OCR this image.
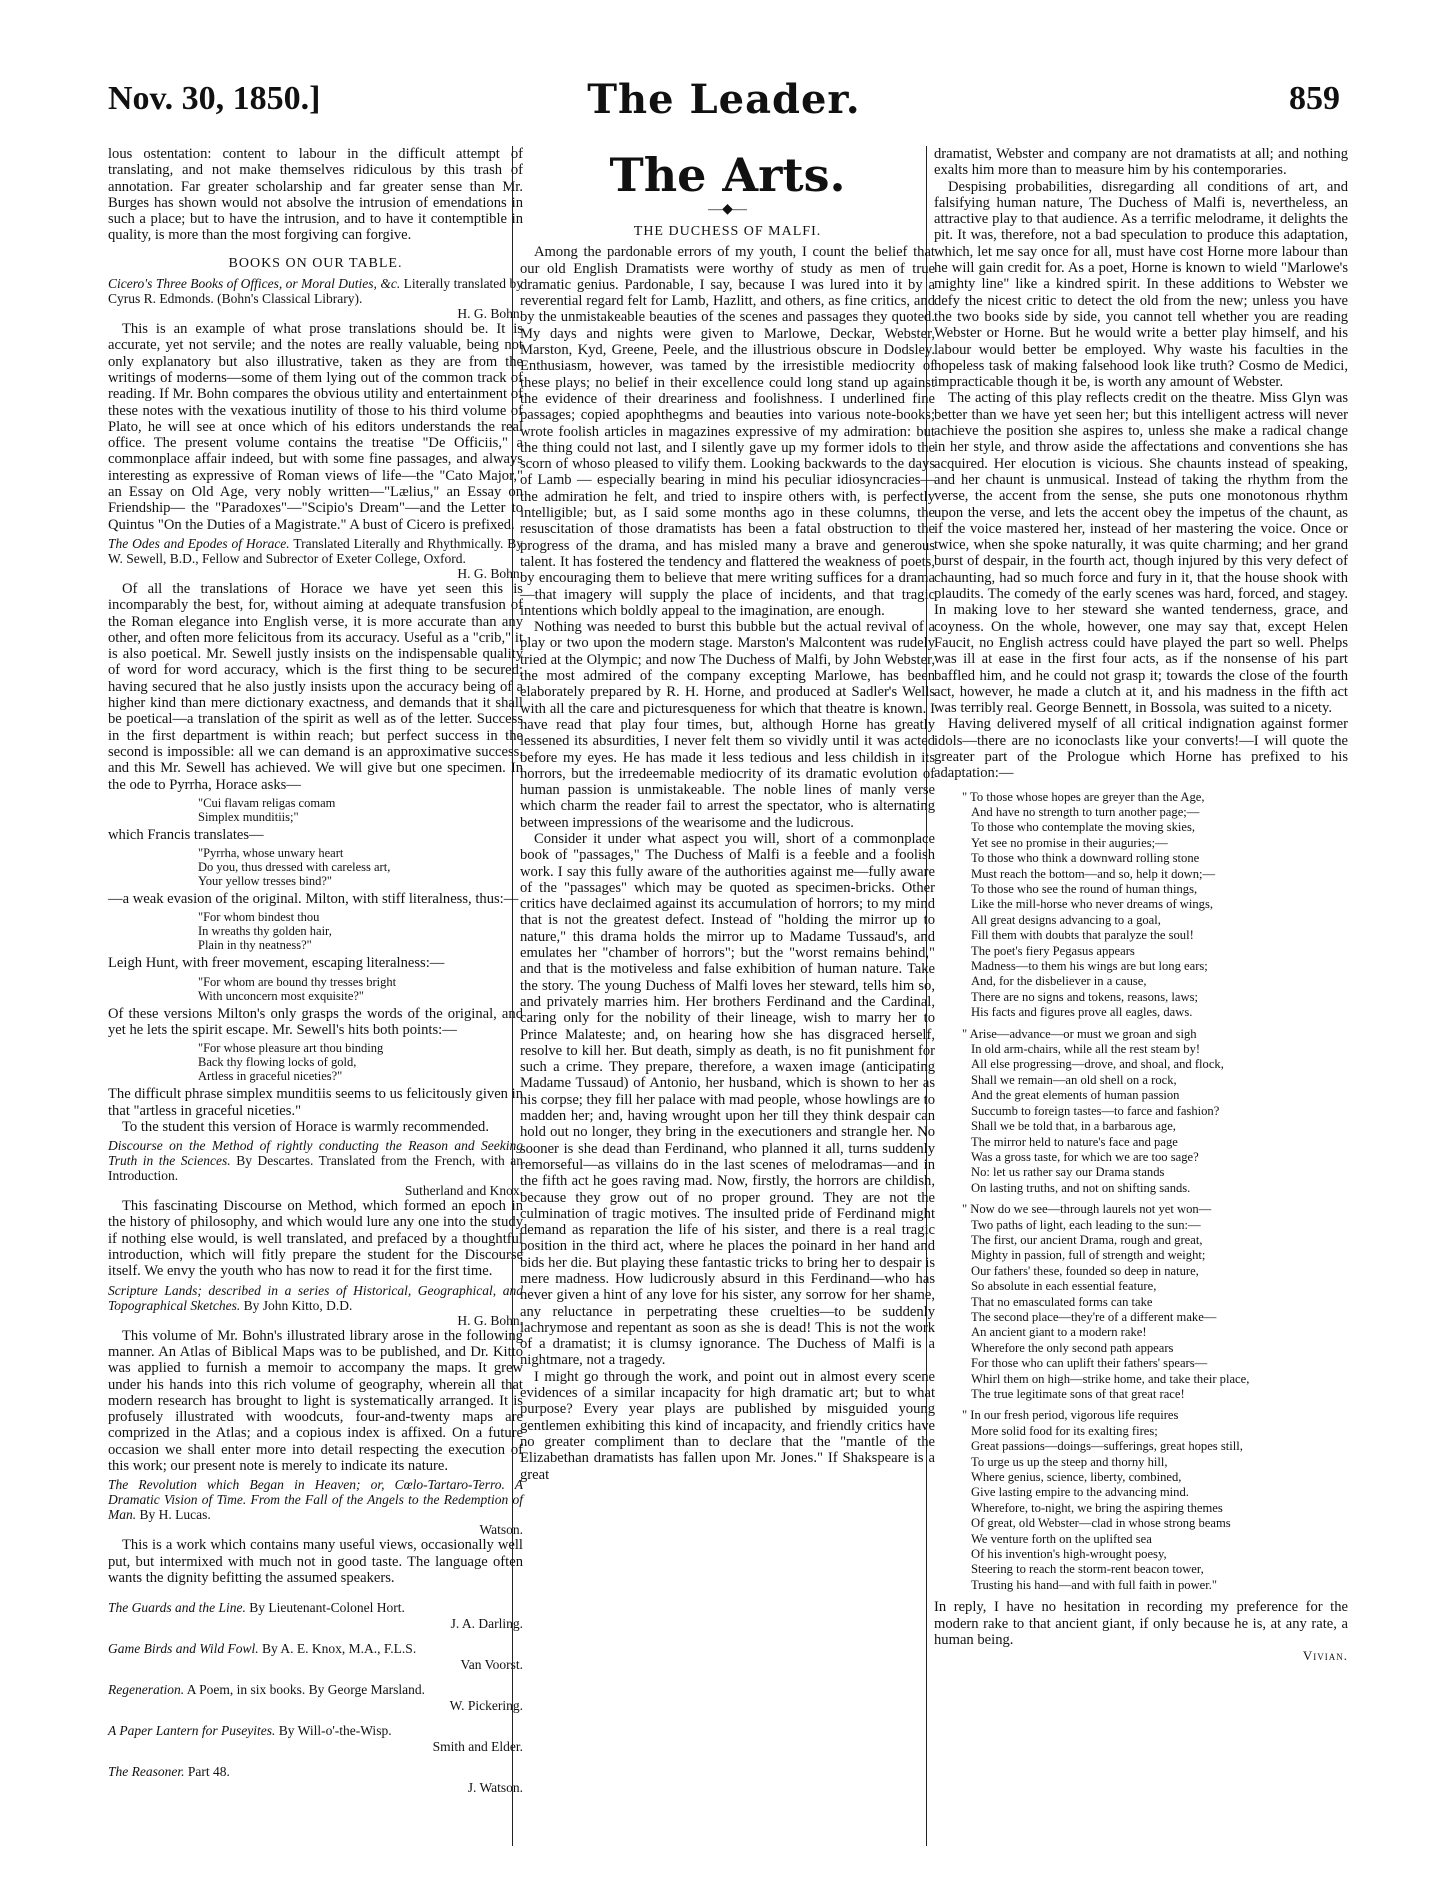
Nov. 30, 1850.]	The Leader.	859

lous ostentation: content to labour in the difficult attempt of translating, and not make themselves ridiculous by this trash of annotation. Far greater scholarship and far greater sense than Mr. Burges has shown would not absolve the intrusion of emendations in such a place; but to have the intrusion, and to have it contemptible in quality, is more than the most forgiving can forgive.

BOOKS ON OUR TABLE.

Cicero's Three Books of Offices, or Moral Duties, &c. Literally translated by Cyrus R. Edmonds. (Bohn's Classical Library).
H. G. Bohn.

This is an example of what prose translations should be. It is accurate, yet not servile; and the notes are really valuable, being not only explanatory but also illustrative, taken as they are from the writings of moderns—some of them lying out of the common track of reading. If Mr. Bohn compares the obvious utility and entertainment of these notes with the vexatious inutility of those to his third volume of Plato, he will see at once which of his editors understands the real office. The present volume contains the treatise "De Officiis," a commonplace affair indeed, but with some fine passages, and always interesting as expressive of Roman views of life—the "Cato Major," an Essay on Old Age, very nobly written—"Lælius," an Essay on Friendship— the "Paradoxes"—"Scipio's Dream"—and the Letter to Quintus "On the Duties of a Magistrate." A bust of Cicero is prefixed.

The Odes and Epodes of Horace. Translated Literally and Rhythmically. By W. Sewell, B.D., Fellow and Subrector of Exeter College, Oxford.
H. G. Bohn.

Of all the translations of Horace we have yet seen this is incomparably the best, for, without aiming at adequate transfusion of the Roman elegance into English verse, it is more accurate than any other, and often more felicitous from its accuracy. Useful as a "crib," it is also poetical. Mr. Sewell justly insists on the indispensable quality of word for word accuracy, which is the first thing to be secured; having secured that he also justly insists upon the accuracy being of a higher kind than mere dictionary exactness, and demands that it shall be poetical—a translation of the spirit as well as of the letter. Success in the first department is within reach; but perfect success in the second is impossible: all we can demand is an approximative success, and this Mr. Sewell has achieved. We will give but one specimen. In the ode to Pyrrha, Horace asks—

"Cui flavam religas comam
Simplex munditiis;"

which Francis translates—

"Pyrrha, whose unwary heart
Do you, thus dressed with careless art,
Your yellow tresses bind?"

—a weak evasion of the original. Milton, with stiff literalness, thus:—

"For whom bindest thou
In wreaths thy golden hair,
Plain in thy neatness?"

Leigh Hunt, with freer movement, escaping literalness:—

"For whom are bound thy tresses bright
With unconcern most exquisite?"

Of these versions Milton's only grasps the words of the original, and yet he lets the spirit escape. Mr. Sewell's hits both points:—

"For whose pleasure art thou binding
Back thy flowing locks of gold,
Artless in graceful niceties?"

The difficult phrase simplex munditiis seems to us felicitously given in that "artless in graceful niceties."

To the student this version of Horace is warmly recommended.

Discourse on the Method of rightly conducting the Reason and Seeking Truth in the Sciences. By Descartes. Translated from the French, with an Introduction.
Sutherland and Knox.

This fascinating Discourse on Method, which formed an epoch in the history of philosophy, and which would lure any one into the study if nothing else would, is well translated, and prefaced by a thoughtful introduction, which will fitly prepare the student for the Discourse itself. We envy the youth who has now to read it for the first time.

Scripture Lands; described in a series of Historical, Geographical, and Topographical Sketches. By John Kitto, D.D.
H. G. Bohn.

This volume of Mr. Bohn's illustrated library arose in the following manner. An Atlas of Biblical Maps was to be published, and Dr. Kitto was applied to furnish a memoir to accompany the maps. It grew under his hands into this rich volume of geography, wherein all that modern research has brought to light is systematically arranged. It is profusely illustrated with woodcuts, four-and-twenty maps are comprized in the Atlas; and a copious index is affixed. On a future occasion we shall enter more into detail respecting the execution of this work; our present note is merely to indicate its nature.

The Revolution which Began in Heaven; or, Cœlo-Tartaro-Terro. A Dramatic Vision of Time. From the Fall of the Angels to the Redemption of Man. By H. Lucas.
Watson.

This is a work which contains many useful views, occasionally well put, but intermixed with much not in good taste. The language often wants the dignity befitting the assumed speakers.

The Guards and the Line. By Lieutenant-Colonel Hort.
J. A. Darling.

Game Birds and Wild Fowl. By A. E. Knox, M.A., F.L.S.
Van Voorst.

Regeneration. A Poem, in six books. By George Marsland.
W. Pickering.

A Paper Lantern for Puseyites. By Will-o'-the-Wisp.
Smith and Elder.

The Reasoner. Part 48.
J. Watson.

The Arts.
—◆—
THE DUCHESS OF MALFI.

Among the pardonable errors of my youth, I count the belief that our old English Dramatists were worthy of study as men of true dramatic genius. Pardonable, I say, because I was lured into it by a reverential regard felt for Lamb, Hazlitt, and others, as fine critics, and by the unmistakeable beauties of the scenes and passages they quoted. My days and nights were given to Marlowe, Deckar, Webster, Marston, Kyd, Greene, Peele, and the illustrious obscure in Dodsley. Enthusiasm, however, was tamed by the irresistible mediocrity of these plays; no belief in their excellence could long stand up against the evidence of their dreariness and foolishness. I underlined fine passages; copied apophthegms and beauties into various note-books; wrote foolish articles in magazines expressive of my admiration: but the thing could not last, and I silently gave up my former idols to the scorn of whoso pleased to vilify them. Looking backwards to the days of Lamb — especially bearing in mind his peculiar idiosyncracies—the admiration he felt, and tried to inspire others with, is perfectly intelligible; but, as I said some months ago in these columns, the resuscitation of those dramatists has been a fatal obstruction to the progress of the drama, and has misled many a brave and generous talent. It has fostered the tendency and flattered the weakness of poets, by encouraging them to believe that mere writing suffices for a drama—that imagery will supply the place of incidents, and that tragic intentions which boldly appeal to the imagination, are enough.

Nothing was needed to burst this bubble but the actual revival of a play or two upon the modern stage. Marston's Malcontent was rudely tried at the Olympic; and now The Duchess of Malfi, by John Webster, the most admired of the company excepting Marlowe, has been elaborately prepared by R. H. Horne, and produced at Sadler's Wells with all the care and picturesqueness for which that theatre is known. I have read that play four times, but, although Horne has greatly lessened its absurdities, I never felt them so vividly until it was acted before my eyes. He has made it less tedious and less childish in its horrors, but the irredeemable mediocrity of its dramatic evolution of human passion is unmistakeable. The noble lines of manly verse which charm the reader fail to arrest the spectator, who is alternating between impressions of the wearisome and the ludicrous.

Consider it under what aspect you will, short of a commonplace book of "passages," The Duchess of Malfi is a feeble and a foolish work. I say this fully aware of the authorities against me—fully aware of the "passages" which may be quoted as specimen-bricks. Other critics have declaimed against its accumulation of horrors; to my mind that is not the greatest defect. Instead of "holding the mirror up to nature," this drama holds the mirror up to Madame Tussaud's, and emulates her "chamber of horrors"; but the "worst remains behind," and that is the motiveless and false exhibition of human nature. Take the story. The young Duchess of Malfi loves her steward, tells him so, and privately marries him. Her brothers Ferdinand and the Cardinal, caring only for the nobility of their lineage, wish to marry her to Prince Malateste; and, on hearing how she has disgraced herself, resolve to kill her. But death, simply as death, is no fit punishment for such a crime. They prepare, therefore, a waxen image (anticipating Madame Tussaud) of Antonio, her husband, which is shown to her as his corpse; they fill her palace with mad people, whose howlings are to madden her; and, having wrought upon her till they think despair can hold out no longer, they bring in the executioners and strangle her. No sooner is she dead than Ferdinand, who planned it all, turns suddenly remorseful—as villains do in the last scenes of melodramas—and in the fifth act he goes raving mad. Now, firstly, the horrors are childish, because they grow out of no proper ground. They are not the culmination of tragic motives. The insulted pride of Ferdinand might demand as reparation the life of his sister, and there is a real tragic position in the third act, where he places the poinard in her hand and bids her die. But playing these fantastic tricks to bring her to despair is mere madness. How ludicrously absurd in this Ferdinand—who has never given a hint of any love for his sister, any sorrow for her shame, any reluctance in perpetrating these cruelties—to be suddenly lachrymose and repentant as soon as she is dead! This is not the work of a dramatist; it is clumsy ignorance. The Duchess of Malfi is a nightmare, not a tragedy.

I might go through the work, and point out in almost every scene evidences of a similar incapacity for high dramatic art; but to what purpose? Every year plays are published by misguided young gentlemen exhibiting this kind of incapacity, and friendly critics have no greater compliment than to declare that the "mantle of the Elizabethan dramatists has fallen upon Mr. Jones." If Shakspeare is a great

dramatist, Webster and company are not dramatists at all; and nothing exalts him more than to measure him by his contemporaries.

Despising probabilities, disregarding all conditions of art, and falsifying human nature, The Duchess of Malfi is, nevertheless, an attractive play to that audience. As a terrific melodrame, it delights the pit. It was, therefore, not a bad speculation to produce this adaptation, which, let me say once for all, must have cost Horne more labour than he will gain credit for. As a poet, Horne is known to wield "Marlowe's mighty line" like a kindred spirit. In these additions to Webster we defy the nicest critic to detect the old from the new; unless you have the two books side by side, you cannot tell whether you are reading Webster or Horne. But he would write a better play himself, and his labour would better be employed. Why waste his faculties in the hopeless task of making falsehood look like truth? Cosmo de Medici, impracticable though it be, is worth any amount of Webster.

The acting of this play reflects credit on the theatre. Miss Glyn was better than we have yet seen her; but this intelligent actress will never achieve the position she aspires to, unless she make a radical change in her style, and throw aside the affectations and conventions she has acquired. Her elocution is vicious. She chaunts instead of speaking, and her chaunt is unmusical. Instead of taking the rhythm from the verse, the accent from the sense, she puts one monotonous rhythm upon the verse, and lets the accent obey the impetus of the chaunt, as if the voice mastered her, instead of her mastering the voice. Once or twice, when she spoke naturally, it was quite charming; and her grand burst of despair, in the fourth act, though injured by this very defect of chaunting, had so much force and fury in it, that the house shook with plaudits. The comedy of the early scenes was hard, forced, and stagey. In making love to her steward she wanted tenderness, grace, and coyness. On the whole, however, one may say that, except Helen Faucit, no English actress could have played the part so well. Phelps was ill at ease in the first four acts, as if the nonsense of his part baffled him, and he could not grasp it; towards the close of the fourth act, however, he made a clutch at it, and his madness in the fifth act was terribly real. George Bennett, in Bossola, was suited to a nicety.

Having delivered myself of all critical indignation against former idols—there are no iconoclasts like your converts!—I will quote the greater part of the Prologue which Horne has prefixed to his adaptation:—

" To those whose hopes are greyer than the Age,
And have no strength to turn another page;—
To those who contemplate the moving skies,
Yet see no promise in their auguries;—
To those who think a downward rolling stone
Must reach the bottom—and so, help it down;—
To those who see the round of human things,
Like the mill-horse who never dreams of wings,
All great designs advancing to a goal,
Fill them with doubts that paralyze the soul!
The poet's fiery Pegasus appears
Madness—to them his wings are but long ears;
And, for the disbeliever in a cause,
There are no signs and tokens, reasons, laws;
His facts and figures prove all eagles, daws.
" Arise—advance—or must we groan and sigh
In old arm-chairs, while all the rest steam by!
All else progressing—drove, and shoal, and flock,
Shall we remain—an old shell on a rock,
And the great elements of human passion
Succumb to foreign tastes—to farce and fashion?
Shall we be told that, in a barbarous age,
The mirror held to nature's face and page
Was a gross taste, for which we are too sage?
No: let us rather say our Drama stands
On lasting truths, and not on shifting sands.
" Now do we see—through laurels not yet won—
Two paths of light, each leading to the sun:—
The first, our ancient Drama, rough and great,
Mighty in passion, full of strength and weight;
Our fathers' these, founded so deep in nature,
So absolute in each essential feature,
That no emasculated forms can take
The second place—they're of a different make—
An ancient giant to a modern rake!
Wherefore the only second path appears
For those who can uplift their fathers' spears—
Whirl them on high—strike home, and take their place,
The true legitimate sons of that great race!
" In our fresh period, vigorous life requires
More solid food for its exalting fires;
Great passions—doings—sufferings, great hopes still,
To urge us up the steep and thorny hill,
Where genius, science, liberty, combined,
Give lasting empire to the advancing mind.
Wherefore, to-night, we bring the aspiring themes
Of great, old Webster—clad in whose strong beams
We venture forth on the uplifted sea
Of his invention's high-wrought poesy,
Steering to reach the storm-rent beacon tower,
Trusting his hand—and with full faith in power."

In reply, I have no hesitation in recording my preference for the modern rake to that ancient giant, if only because he is, at any rate, a human being.

Vivian.
